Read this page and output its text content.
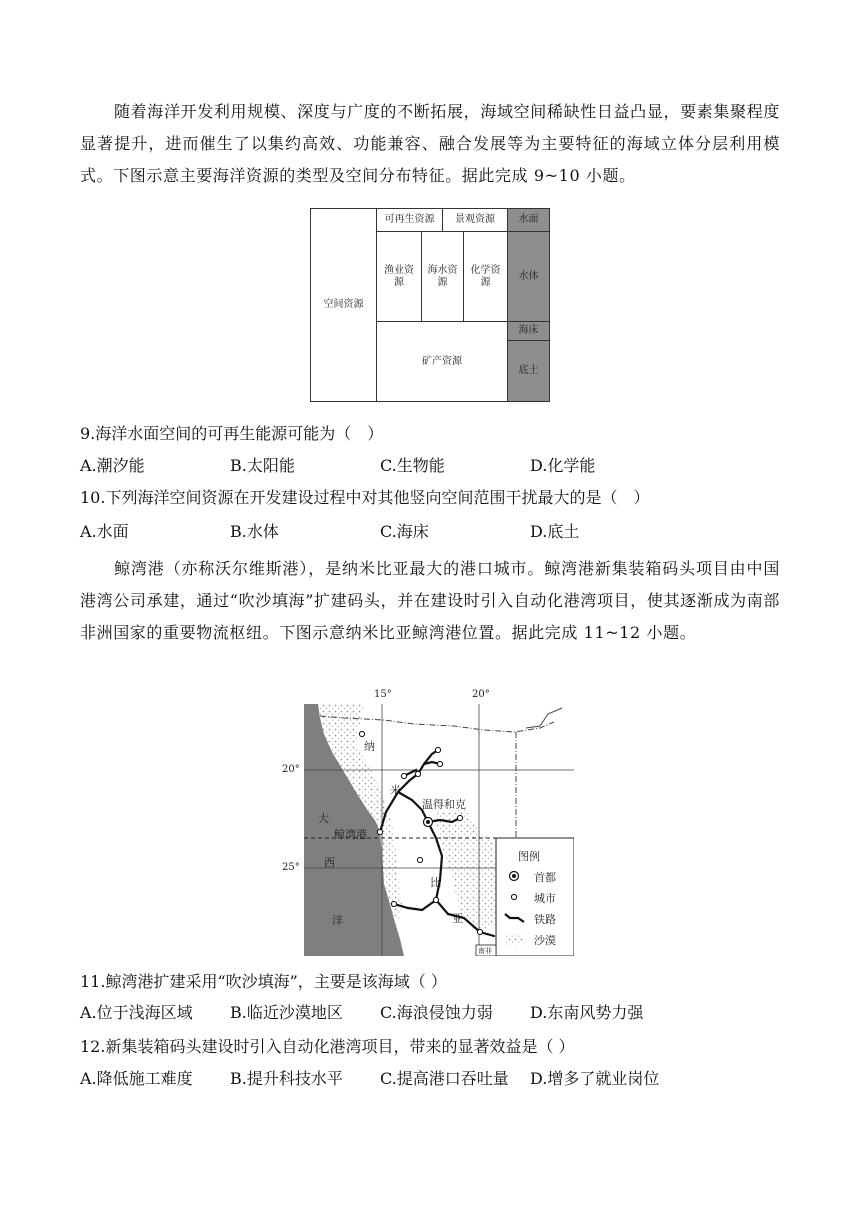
随着海洋开发利用规模、深度与广度的不断拓展，海域空间稀缺性日益凸显，要素集聚程度显著提升，进而催生了以集约高效、功能兼容、融合发展等为主要特征的海域立体分层利用模式。下图示意主要海洋资源的类型及空间分布特征。据此完成 9~10 小题。

空间资源
可再生资源 景观资源
渔业资源
海水资源
化学资源
矿产资源
水面
水体
海床
底土
9.海洋水面空间的可再生能源可能为（　）
A.潮汐能	B.太阳能	C.生物能	D.化学能
10.下列海洋空间资源在开发建设过程中对其他竖向空间范围干扰最大的是（　）
A.水面	B.水体	C.海床	D.底土

鲸湾港（亦称沃尔维斯港），是纳米比亚最大的港口城市。鲸湾港新集装箱码头项目由中国港湾公司承建，通过“吹沙填海”扩建码头，并在建设时引入自动化港湾项目，使其逐渐成为南部非洲国家的重要物流枢纽。下图示意纳米比亚鲸湾港位置。据此完成 11~12 小题。

15°	20°
20°
25°
大
西
洋
纳
米
比
亚
温得和克
鲸湾港
南非
图例
首都
城市
铁路
沙漠
11.鲸湾港扩建采用“吹沙填海”，主要是该海域（ ）
A.位于浅海区域 B.临近沙漠地区 C.海浪侵蚀力弱 D.东南风势力强
12.新集装箱码头建设时引入自动化港湾项目，带来的显著效益是（ ）
A.降低施工难度 B.提升科技水平 C.提高港口吞吐量 D.增多了就业岗位
